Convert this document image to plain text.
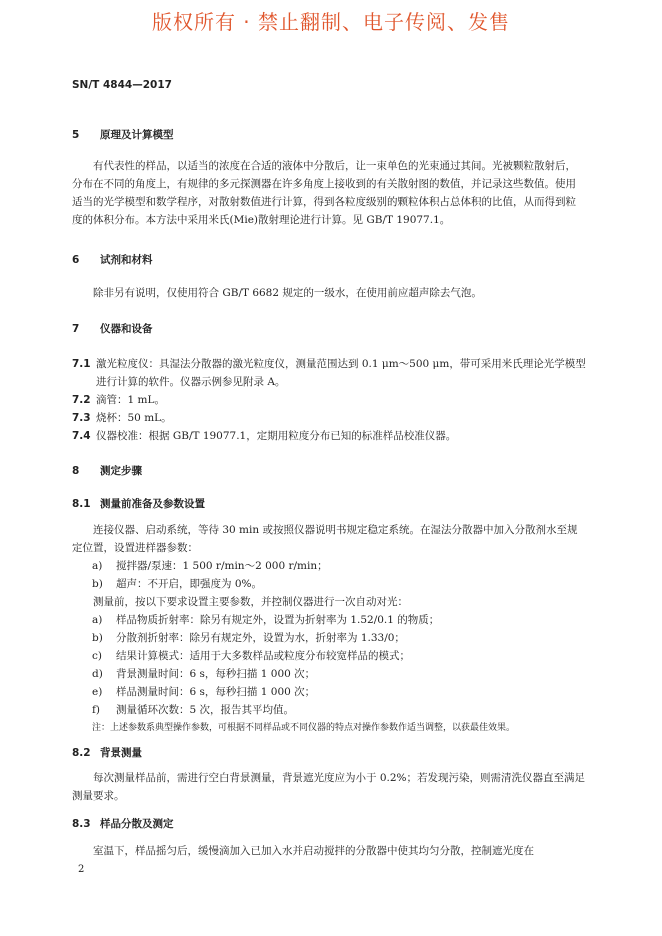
版权所有 · 禁止翻制、电子传阅、发售
SN/T 4844—2017
5 原理及计算模型
有代表性的样品，以适当的浓度在合适的液体中分散后，让一束单色的光束通过其间。光被颗粒散射后，分布在不同的角度上，有规律的多元探测器在许多角度上接收到的有关散射图的数值，并记录这些数值。使用适当的光学模型和数学程序，对散射数值进行计算，得到各粒度级别的颗粒体积占总体积的比值，从而得到粒度的体积分布。本方法中采用米氏(Mie)散射理论进行计算。见 GB/T 19077.1。
6 试剂和材料
除非另有说明，仅使用符合 GB/T 6682 规定的一级水，在使用前应超声除去气泡。
7 仪器和设备
7.1 激光粒度仪：具湿法分散器的激光粒度仪，测量范围达到 0.1 μm～500 μm，带可采用米氏理论光学模型进行计算的软件。仪器示例参见附录 A。
7.2 滴管：1 mL。
7.3 烧杯：50 mL。
7.4 仪器校准：根据 GB/T 19077.1，定期用粒度分布已知的标准样品校准仪器。
8 测定步骤
8.1 测量前准备及参数设置
连接仪器、启动系统，等待 30 min 或按照仪器说明书规定稳定系统。在湿法分散器中加入分散剂水至规定位置，设置进样器参数：
a) 搅拌器/泵速：1 500 r/min～2 000 r/min；
b) 超声：不开启，即强度为 0%。
测量前，按以下要求设置主要参数，并控制仪器进行一次自动对光：
a) 样品物质折射率：除另有规定外，设置为折射率为 1.52/0.1 的物质；
b) 分散剂折射率：除另有规定外，设置为水，折射率为 1.33/0；
c) 结果计算模式：适用于大多数样品或粒度分布较宽样品的模式；
d) 背景测量时间：6 s，每秒扫描 1 000 次；
e) 样品测量时间：6 s，每秒扫描 1 000 次；
f) 测量循环次数：5 次，报告其平均值。
注：上述参数系典型操作参数，可根据不同样品或不同仪器的特点对操作参数作适当调整，以获最佳效果。
8.2 背景测量
每次测量样品前，需进行空白背景测量，背景遮光度应为小于 0.2%；若发现污染，则需清洗仪器直至满足测量要求。
8.3 样品分散及测定
室温下，样品摇匀后，缓慢滴加入已加入水并启动搅拌的分散器中使其均匀分散，控制遮光度在
2
